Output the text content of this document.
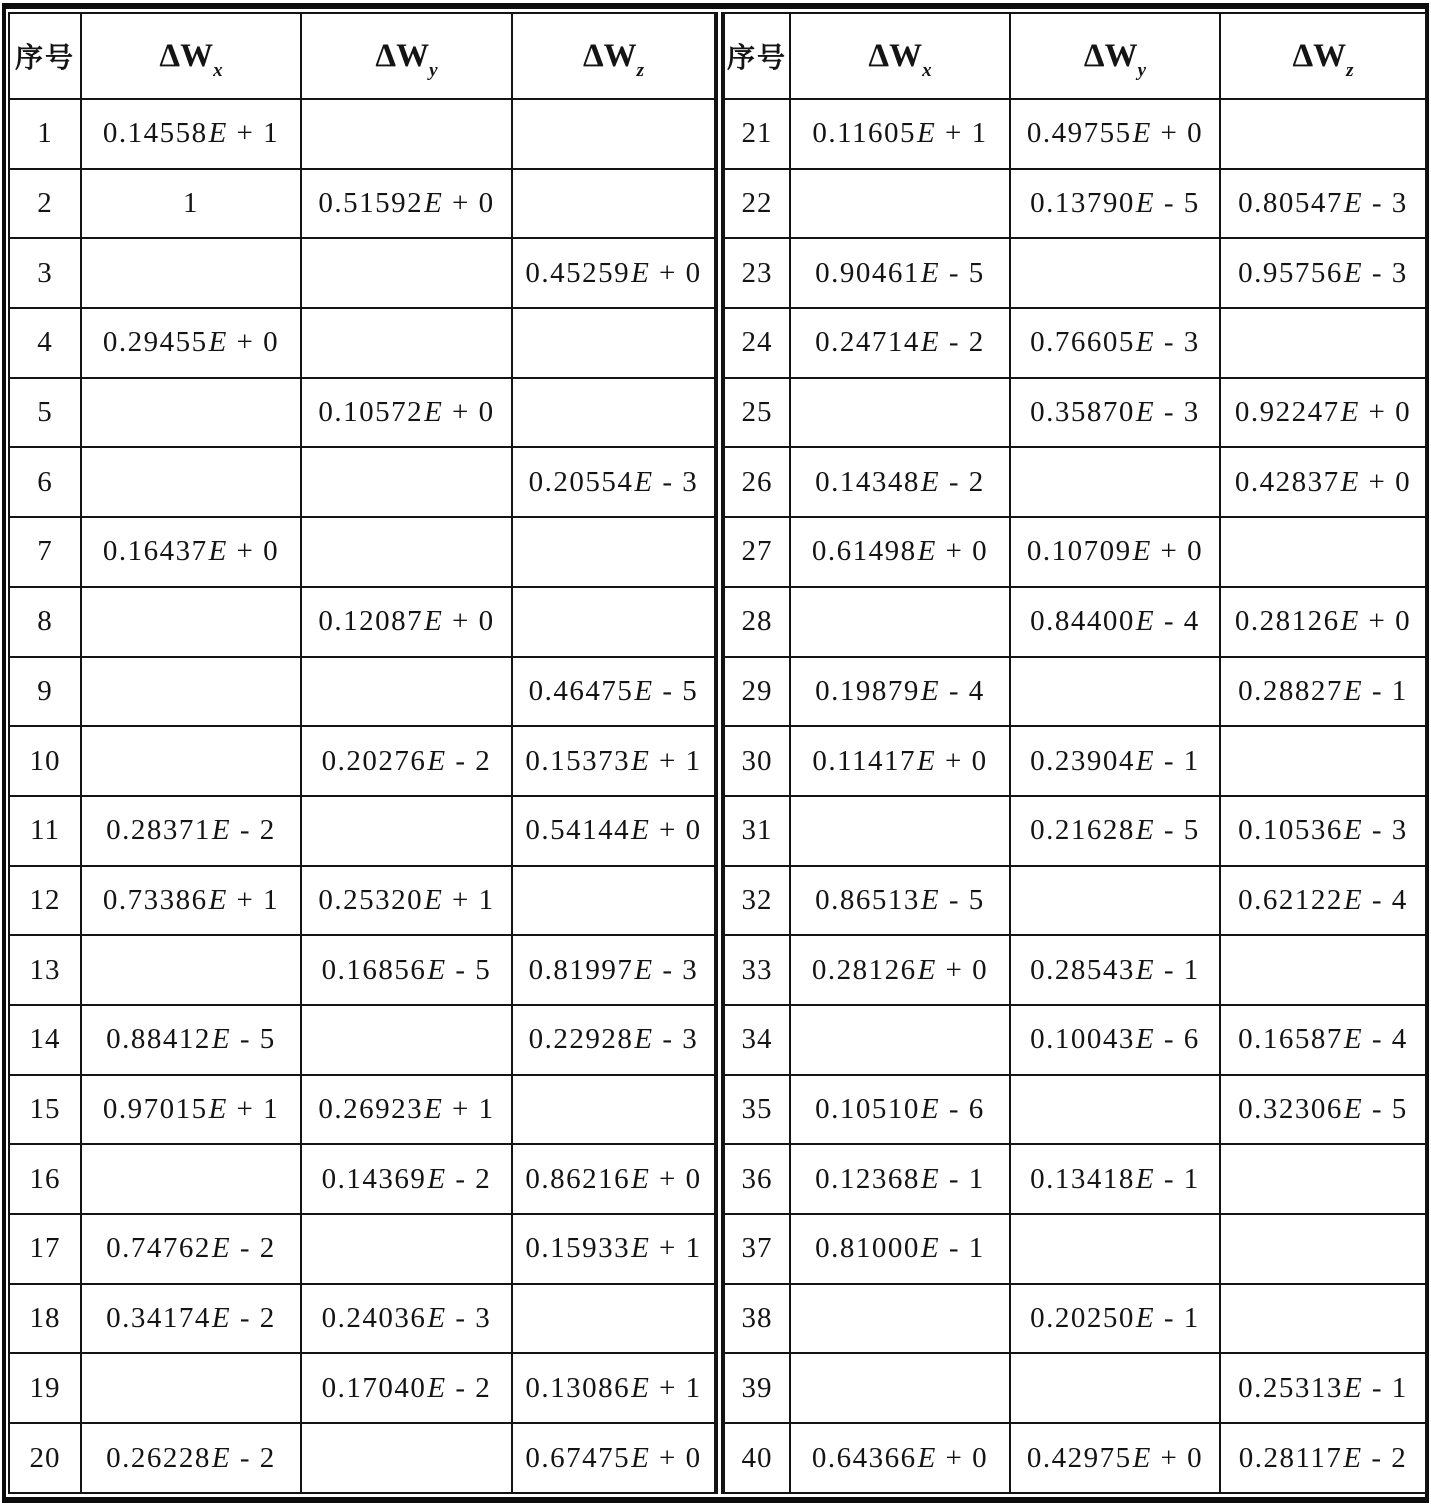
序号	$\Delta W_x$	$\Delta W_y$	$\Delta W_z$
1	0.14558E + 1		
2	1	0.51592E + 0	
3			0.45259E + 0
4	0.29455E + 0		
5		0.10572E + 0	
6			0.20554E - 3
7	0.16437E + 0		
8		0.12087E + 0	
9			0.46475E - 5
10		0.20276E - 2	0.15373E + 1
11	0.28371E - 2		0.54144E + 0
12	0.73386E + 1	0.25320E + 1	
13		0.16856E - 5	0.81997E - 3
14	0.88412E - 5		0.22928E - 3
15	0.97015E + 1	0.26923E + 1	
16		0.14369E - 2	0.86216E + 0
17	0.74762E - 2		0.15933E + 1
18	0.34174E - 2	0.24036E - 3	
19		0.17040E - 2	0.13086E + 1
20	0.26228E - 2		0.67475E + 0
序号	$\Delta W_x$	$\Delta W_y$	$\Delta W_z$
21	0.11605E + 1	0.49755E + 0	
22		0.13790E - 5	0.80547E - 3
23	0.90461E - 5		0.95756E - 3
24	0.24714E - 2	0.76605E - 3	
25		0.35870E - 3	0.92247E + 0
26	0.14348E - 2		0.42837E + 0
27	0.61498E + 0	0.10709E + 0	
28		0.84400E - 4	0.28126E + 0
29	0.19879E - 4		0.28827E - 1
30	0.11417E + 0	0.23904E - 1	
31		0.21628E - 5	0.10536E - 3
32	0.86513E - 5		0.62122E - 4
33	0.28126E + 0	0.28543E - 1	
34		0.10043E - 6	0.16587E - 4
35	0.10510E - 6		0.32306E - 5
36	0.12368E - 1	0.13418E - 1	
37	0.81000E - 1		
38		0.20250E - 1	
39			0.25313E - 1
40	0.64366E + 0	0.42975E + 0	0.28117E - 2
